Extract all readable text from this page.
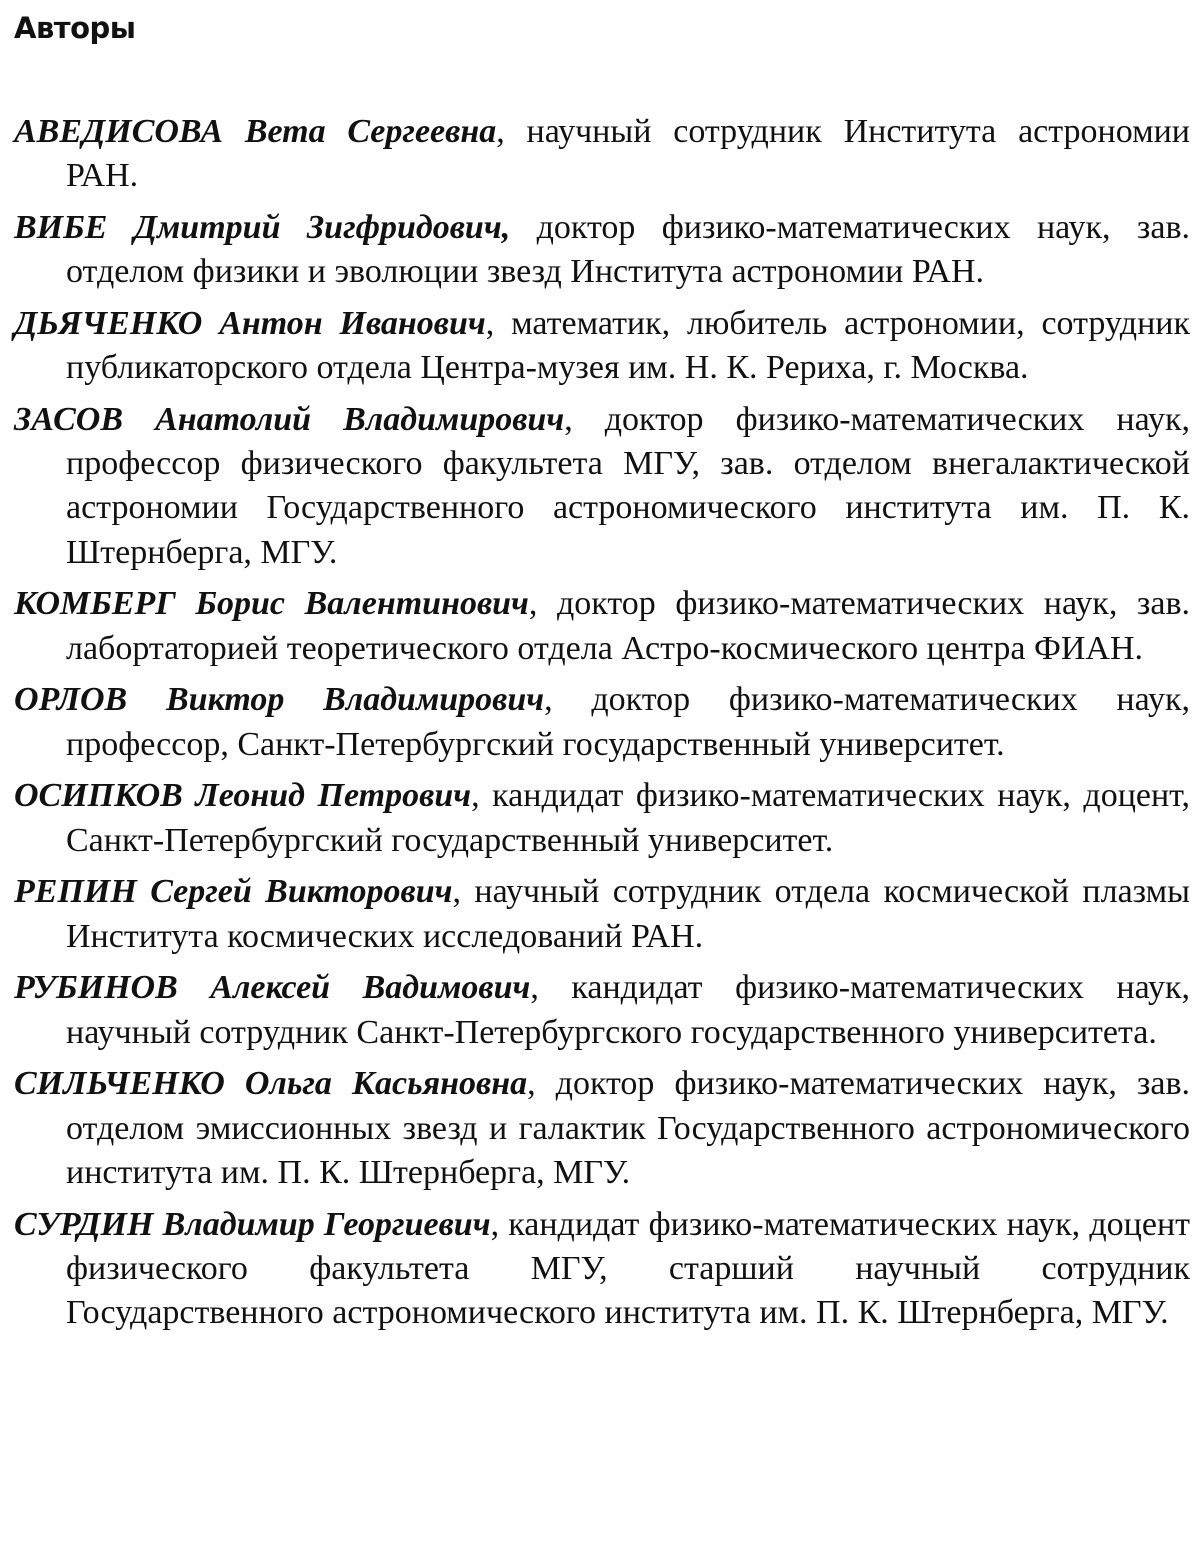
Авторы

АВЕДИСОВА Вета Сергеевна, научный сотрудник Института астрономии РАН.

ВИБЕ Дмитрий Зигфридович, доктор физико-математических наук, зав. отделом физики и эволюции звезд Института астрономии РАН.

ДЬЯЧЕНКО Антон Иванович, математик, любитель астрономии, сотрудник публикаторского отдела Центра-музея им. Н. К. Рериха, г. Москва.

ЗАСОВ Анатолий Владимирович, доктор физико-математических наук, профессор физического факультета МГУ, зав. отделом внегалактической астрономии Государственного астрономического института им. П. К. Штернберга, МГУ.

КОМБЕРГ Борис Валентинович, доктор физико-математических наук, зав. лабортаторией теоретического отдела Астро-космического центра ФИАН.

ОРЛОВ Виктор Владимирович, доктор физико-математических наук, профессор, Санкт-Петербургский государственный университет.

ОСИПКОВ Леонид Петрович, кандидат физико-математических наук, доцент, Санкт-Петербургский государственный университет.

РЕПИН Сергей Викторович, научный сотрудник отдела космической плазмы Института космических исследований РАН.

РУБИНОВ Алексей Вадимович, кандидат физико-математических наук, научный сотрудник Санкт-Петербургского государственного университета.

СИЛЬЧЕНКО Ольга Касьяновна, доктор физико-математических наук, зав. отделом эмиссионных звезд и галактик Государственного астрономического института им. П. К. Штернберга, МГУ.

СУРДИН Владимир Георгиевич, кандидат физико-математических наук, доцент физического факультета МГУ, старший научный сотрудник Государственного астрономического института им. П. К. Штернберга, МГУ.
